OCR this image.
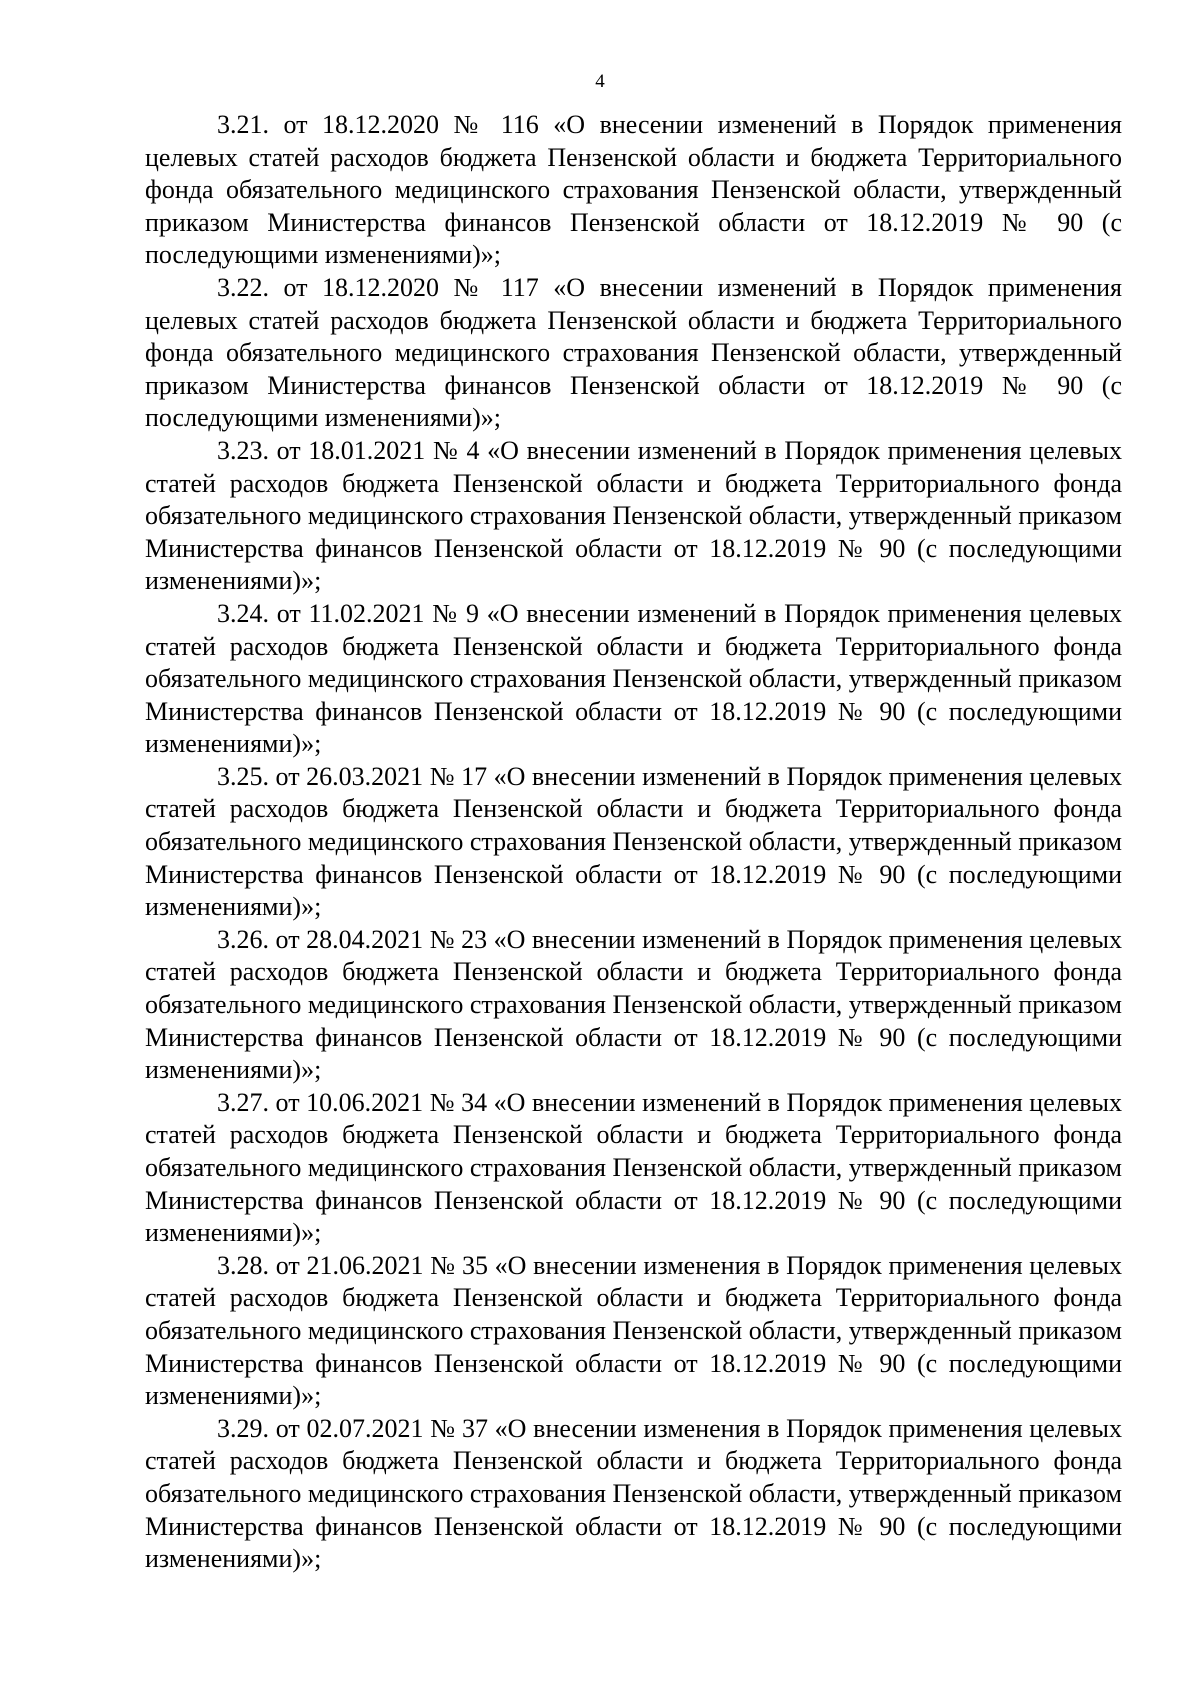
4

3.21. от 18.12.2020 № 116 «О внесении изменений в Порядок применения целевых статей расходов бюджета Пензенской области и бюджета Территориального фонда обязательного медицинского страхования Пензенской области, утвержденный приказом Министерства финансов Пензенской области от 18.12.2019 № 90 (с последующими изменениями)»;

3.22. от 18.12.2020 № 117 «О внесении изменений в Порядок применения целевых статей расходов бюджета Пензенской области и бюджета Территориального фонда обязательного медицинского страхования Пензенской области, утвержденный приказом Министерства финансов Пензенской области от 18.12.2019 № 90 (с последующими изменениями)»;

3.23. от 18.01.2021 № 4 «О внесении изменений в Порядок применения целевых статей расходов бюджета Пензенской области и бюджета Территориального фонда обязательного медицинского страхования Пензенской области, утвержденный приказом Министерства финансов Пензенской области от 18.12.2019 № 90 (с последующими изменениями)»;

3.24. от 11.02.2021 № 9 «О внесении изменений в Порядок применения целевых статей расходов бюджета Пензенской области и бюджета Территориального фонда обязательного медицинского страхования Пензенской области, утвержденный приказом Министерства финансов Пензенской области от 18.12.2019 № 90 (с последующими изменениями)»;

3.25. от 26.03.2021 № 17 «О внесении изменений в Порядок применения целевых статей расходов бюджета Пензенской области и бюджета Территориального фонда обязательного медицинского страхования Пензенской области, утвержденный приказом Министерства финансов Пензенской области от 18.12.2019 № 90 (с последующими изменениями)»;

3.26. от 28.04.2021 № 23 «О внесении изменений в Порядок применения целевых статей расходов бюджета Пензенской области и бюджета Территориального фонда обязательного медицинского страхования Пензенской области, утвержденный приказом Министерства финансов Пензенской области от 18.12.2019 № 90 (с последующими изменениями)»;

3.27. от 10.06.2021 № 34 «О внесении изменений в Порядок применения целевых статей расходов бюджета Пензенской области и бюджета Территориального фонда обязательного медицинского страхования Пензенской области, утвержденный приказом Министерства финансов Пензенской области от 18.12.2019 № 90 (с последующими изменениями)»;

3.28. от 21.06.2021 № 35 «О внесении изменения в Порядок применения целевых статей расходов бюджета Пензенской области и бюджета Территориального фонда обязательного медицинского страхования Пензенской области, утвержденный приказом Министерства финансов Пензенской области от 18.12.2019 № 90 (с последующими изменениями)»;

3.29. от 02.07.2021 № 37 «О внесении изменения в Порядок применения целевых статей расходов бюджета Пензенской области и бюджета Территориального фонда обязательного медицинского страхования Пензенской области, утвержденный приказом Министерства финансов Пензенской области от 18.12.2019 № 90 (с последующими изменениями)»;
